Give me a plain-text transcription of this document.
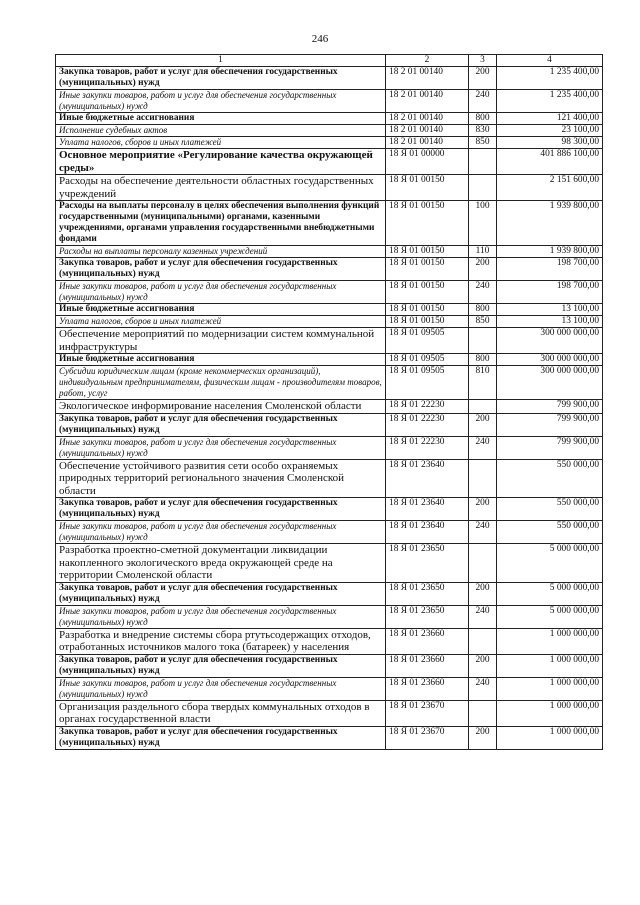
246
1	2	3	4
Закупка товаров, работ и услуг для обеспечения государственных (муниципальных) нужд	18 2 01 00140	200	1 235 400,00
Иные закупки товаров, работ и услуг для обеспечения государственных (муниципальных) нужд	18 2 01 00140	240	1 235 400,00
Иные бюджетные ассигнования	18 2 01 00140	800	121 400,00
Исполнение судебных актов	18 2 01 00140	830	23 100,00
Уплата налогов, сборов и иных платежей	18 2 01 00140	850	98 300,00
Основное мероприятие «Регулирование качества окружающей среды»	18 Я 01 00000		401 886 100,00
Расходы на обеспечение деятельности областных государственных учреждений	18 Я 01 00150		2 151 600,00
Расходы на выплаты персоналу в целях обеспечения выполнения функций государственными (муниципальными) органами, казенными учреждениями, органами управления государственными внебюджетными фондами	18 Я 01 00150	100	1 939 800,00
Расходы на выплаты персоналу казенных учреждений	18 Я 01 00150	110	1 939 800,00
Закупка товаров, работ и услуг для обеспечения государственных (муниципальных) нужд	18 Я 01 00150	200	198 700,00
Иные закупки товаров, работ и услуг для обеспечения государственных (муниципальных) нужд	18 Я 01 00150	240	198 700,00
Иные бюджетные ассигнования	18 Я 01 00150	800	13 100,00
Уплата налогов, сборов и иных платежей	18 Я 01 00150	850	13 100,00
Обеспечение мероприятий по модернизации систем коммунальной инфраструктуры	18 Я 01 09505		300 000 000,00
Иные бюджетные ассигнования	18 Я 01 09505	800	300 000 000,00
Субсидии юридическим лицам (кроме некоммерческих организаций), индивидуальным предпринимателям, физическим лицам - производителям товаров, работ, услуг	18 Я 01 09505	810	300 000 000,00
Экологическое информирование населения Смоленской области	18 Я 01 22230		799 900,00
Закупка товаров, работ и услуг для обеспечения государственных (муниципальных) нужд	18 Я 01 22230	200	799 900,00
Иные закупки товаров, работ и услуг для обеспечения государственных (муниципальных) нужд	18 Я 01 22230	240	799 900,00
Обеспечение устойчивого развития сети особо охраняемых природных территорий регионального значения Смоленской области	18 Я 01 23640		550 000,00
Закупка товаров, работ и услуг для обеспечения государственных (муниципальных) нужд	18 Я 01 23640	200	550 000,00
Иные закупки товаров, работ и услуг для обеспечения государственных (муниципальных) нужд	18 Я 01 23640	240	550 000,00
Разработка проектно-сметной документации ликвидации накопленного экологического вреда окружающей среде на территории Смоленской области	18 Я 01 23650		5 000 000,00
Закупка товаров, работ и услуг для обеспечения государственных (муниципальных) нужд	18 Я 01 23650	200	5 000 000,00
Иные закупки товаров, работ и услуг для обеспечения государственных (муниципальных) нужд	18 Я 01 23650	240	5 000 000,00
Разработка и внедрение системы сбора ртутьсодержащих отходов, отработанных источников малого тока (батареек) у населения	18 Я 01 23660		1 000 000,00
Закупка товаров, работ и услуг для обеспечения государственных (муниципальных) нужд	18 Я 01 23660	200	1 000 000,00
Иные закупки товаров, работ и услуг для обеспечения государственных (муниципальных) нужд	18 Я 01 23660	240	1 000 000,00
Организация раздельного сбора твердых коммунальных отходов в органах государственной власти	18 Я 01 23670		1 000 000,00
Закупка товаров, работ и услуг для обеспечения государственных (муниципальных) нужд	18 Я 01 23670	200	1 000 000,00
